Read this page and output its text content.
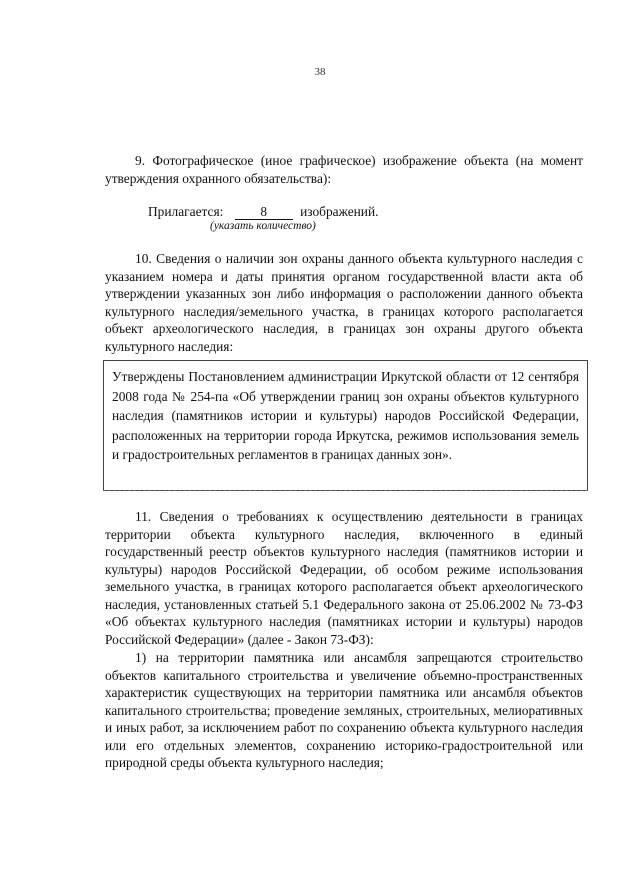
38

9. Фотографическое (иное графическое) изображение объекта (на момент утверждения охранного обязательства):

Прилагается:	8 изображений.
(указать количество)

10. Сведения о наличии зон охраны данного объекта культурного наследия с указанием номера и даты принятия органом государственной власти акта об утверждении указанных зон либо информация о расположении данного объекта культурного наследия/земельного участка, в границах которого располагается объект археологического наследия, в границах зон охраны другого объекта культурного наследия:

Утверждены Постановлением администрации Иркутской области от 12 сентября 2008 года № 254-па «Об утверждении границ зон охраны объектов культурного наследия (памятников истории и культуры) народов Российской Федерации, расположенных на территории города Иркутска, режимов использования земель и градостроительных регламентов в границах данных зон».

11. Сведения о требованиях к осуществлению деятельности в границах территории объекта культурного наследия, включенного в единый государственный реестр объектов культурного наследия (памятников истории и культуры) народов Российской Федерации, об особом режиме использования земельного участка, в границах которого располагается объект археологического наследия, установленных статьей 5.1 Федерального закона от 25.06.2002 № 73-ФЗ «Об объектах культурного наследия (памятниках истории и культуры) народов Российской Федерации» (далее - Закон 73-ФЗ):

1) на территории памятника или ансамбля запрещаются строительство объектов капитального строительства и увеличение объемно-пространственных характеристик существующих на территории памятника или ансамбля объектов капитального строительства; проведение земляных, строительных, мелиоративных и иных работ, за исключением работ по сохранению объекта культурного наследия или его отдельных элементов, сохранению историко-градостроительной или природной среды объекта культурного наследия;
